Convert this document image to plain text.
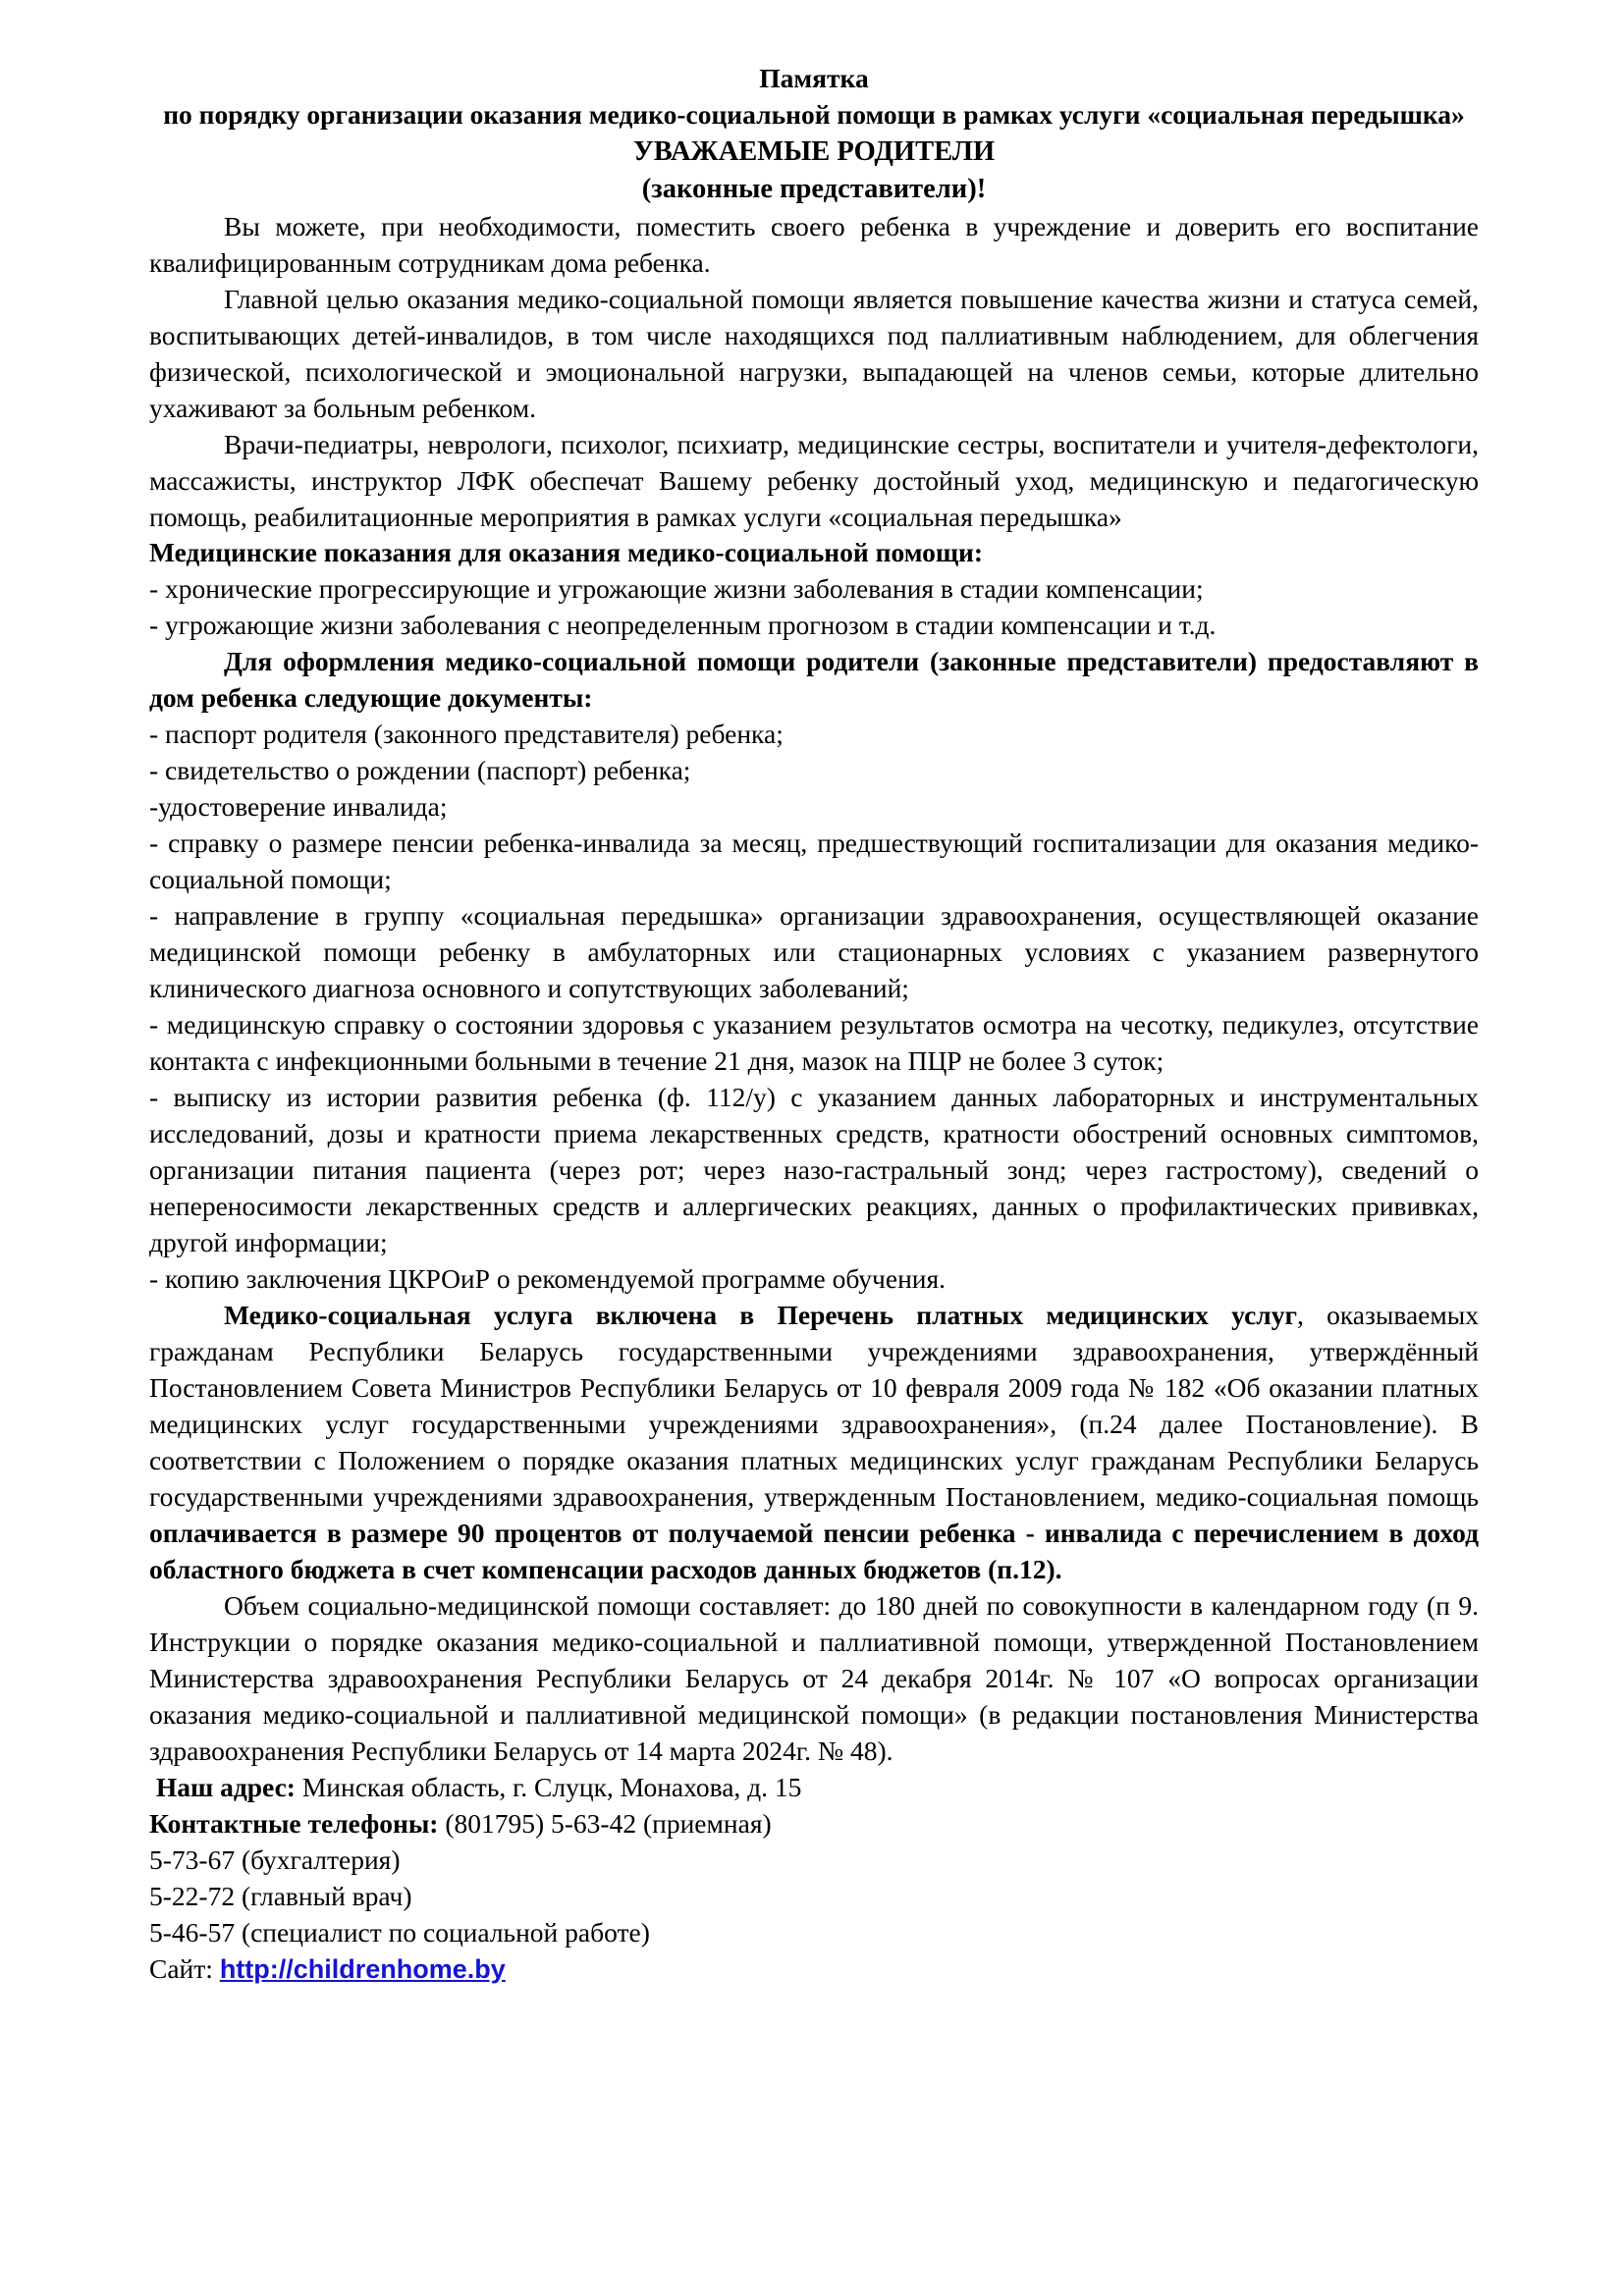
Памятка
по порядку организации оказания медико-социальной помощи в рамках услуги «социальная передышка»
УВАЖАЕМЫЕ РОДИТЕЛИ
(законные представители)!

Вы можете, при необходимости, поместить своего ребенка в учреждение и доверить его воспитание квалифицированным сотрудникам дома ребенка.

Главной целью оказания медико-социальной помощи является повышение качества жизни и статуса семей, воспитывающих детей-инвалидов, в том числе находящихся под паллиативным наблюдением, для облегчения физической, психологической и эмоциональной нагрузки, выпадающей на членов семьи, которые длительно ухаживают за больным ребенком.

Врачи-педиатры, неврологи, психолог, психиатр, медицинские сестры, воспитатели и учителя-дефектологи, массажисты, инструктор ЛФК обеспечат Вашему ребенку достойный уход, медицинскую и педагогическую помощь, реабилитационные мероприятия в рамках услуги «социальная передышка»

Медицинские показания для оказания медико-социальной помощи:

- хронические прогрессирующие и угрожающие жизни заболевания в стадии компенсации;

- угрожающие жизни заболевания с неопределенным прогнозом в стадии компенсации и т.д.

Для оформления медико-социальной помощи родители (законные представители) предоставляют в дом ребенка следующие документы:

- паспорт родителя (законного представителя) ребенка;

- свидетельство о рождении (паспорт) ребенка;

-удостоверение инвалида;

- справку о размере пенсии ребенка-инвалида за месяц, предшествующий госпитализации для оказания медико-социальной помощи;

- направление в группу «социальная передышка» организации здравоохранения, осуществляющей оказание медицинской помощи ребенку в амбулаторных или стационарных условиях с указанием развернутого клинического диагноза основного и сопутствующих заболеваний;

- медицинскую справку о состоянии здоровья с указанием результатов осмотра на чесотку, педикулез, отсутствие контакта с инфекционными больными в течение 21 дня, мазок на ПЦР не более 3 суток;

- выписку из истории развития ребенка (ф. 112/у) с указанием данных лабораторных и инструментальных исследований, дозы и кратности приема лекарственных средств, кратности обострений основных симптомов, организации питания пациента (через рот; через назо-гастральный зонд; через гастростому), сведений о непереносимости лекарственных средств и аллергических реакциях, данных о профилактических прививках, другой информации;

- копию заключения ЦКРОиР о рекомендуемой программе обучения.

Медико-социальная услуга включена в Перечень платных медицинских услуг, оказываемых гражданам Республики Беларусь государственными учреждениями здравоохранения, утверждённый Постановлением Совета Министров Республики Беларусь от 10 февраля 2009 года № 182 «Об оказании платных медицинских услуг государственными учреждениями здравоохранения», (п.24 далее Постановление). В соответствии с Положением о порядке оказания платных медицинских услуг гражданам Республики Беларусь государственными учреждениями здравоохранения, утвержденным Постановлением, медико-социальная помощь оплачивается в размере 90 процентов от получаемой пенсии ребенка - инвалида с перечислением в доход областного бюджета в счет компенсации расходов данных бюджетов (п.12).

Объем социально-медицинской помощи составляет: до 180 дней по совокупности в календарном году (п 9. Инструкции о порядке оказания медико-социальной и паллиативной помощи, утвержденной Постановлением Министерства здравоохранения Республики Беларусь от 24 декабря 2014г. № 107 «О вопросах организации оказания медико-социальной и паллиативной медицинской помощи» (в редакции постановления Министерства здравоохранения Республики Беларусь от 14 марта 2024г. № 48).

Наш адрес: Минская область, г. Слуцк, Монахова, д. 15

Контактные телефоны: (801795) 5-63-42 (приемная)

5-73-67 (бухгалтерия)

5-22-72 (главный врач)

5-46-57 (специалист по социальной работе)

Сайт: http://childrenhome.by
